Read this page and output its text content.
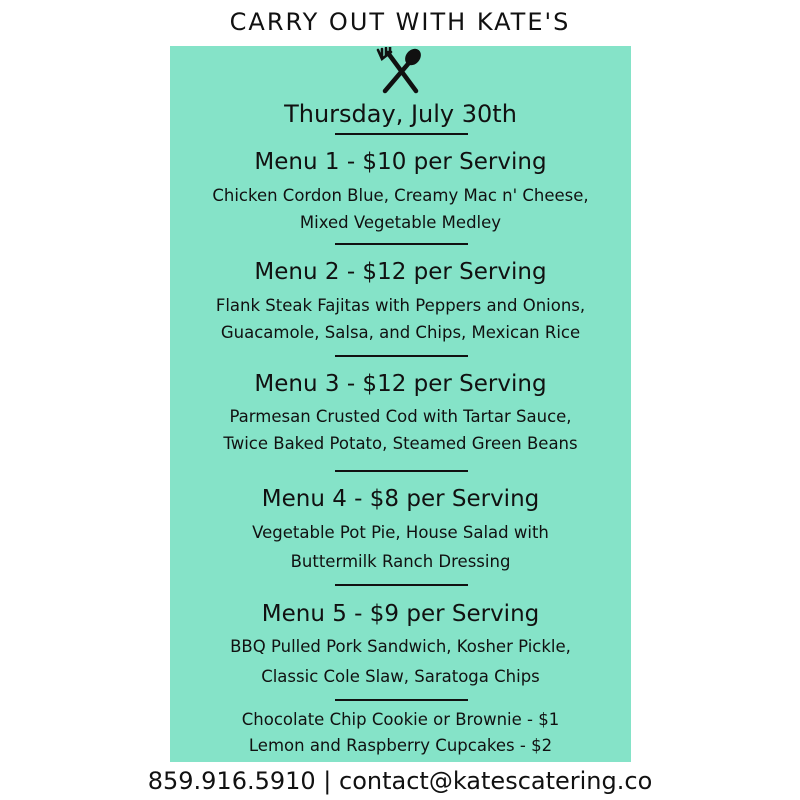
CARRY OUT WITH KATE'S
Thursday, July 30th
Menu 1 - $10 per Serving
Chicken Cordon Blue, Creamy Mac n' Cheese,
Mixed Vegetable Medley
Menu 2 - $12 per Serving
Flank Steak Fajitas with Peppers and Onions,
Guacamole, Salsa, and Chips, Mexican Rice
Menu 3 - $12 per Serving
Parmesan Crusted Cod with Tartar Sauce,
Twice Baked Potato, Steamed Green Beans
Menu 4 - $8 per Serving
Vegetable Pot Pie, House Salad with
Buttermilk Ranch Dressing
Menu 5 - $9 per Serving
BBQ Pulled Pork Sandwich, Kosher Pickle,
Classic Cole Slaw, Saratoga Chips
Chocolate Chip Cookie or Brownie - $1
Lemon and Raspberry Cupcakes - $2
859.916.5910 | contact@katescatering.co
